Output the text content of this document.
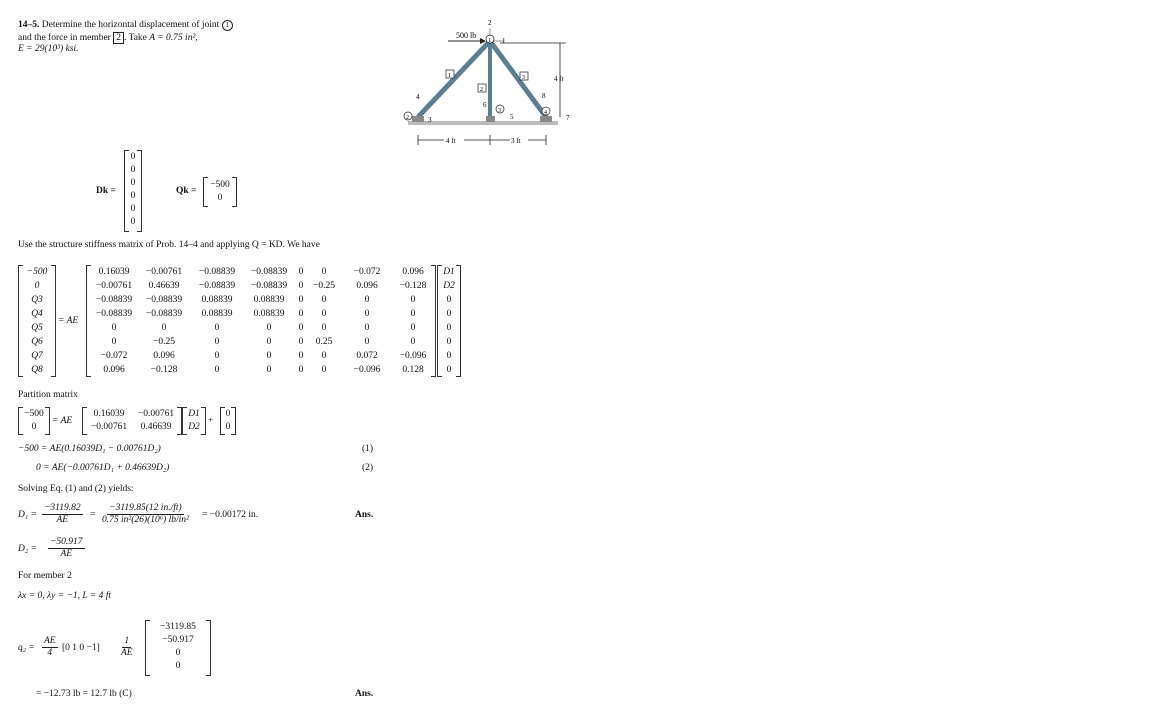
14–5. Determine the horizontal displacement of joint 1
and the force in member 2 . Take A = 0.75 in²,
E = 29(10³) ksi.
500 lb
4 ft
4 ft	3 ft
1
2
3
4
5
6
7
8
1
2
3	4
1
2
3
Dk =
0
0
0
0
0
0
Qk =
−500
0
Use the structure stiffness matrix of Prob. 14–4 and applying Q = KD. We have
−500
0
Q3
Q4
Q5
Q6
Q7
Q8
= AE
0.16039	−0.00761	−0.08839	−0.08839	0	0	−0.072	0.096
−0.00761	0.46639	−0.08839	−0.08839	0	−0.25	0.096	−0.128
−0.08839	−0.08839	0.08839	0.08839	0	0	0	0
−0.08839	−0.08839	0.08839	0.08839	0	0	0	0
0	0	0	0	0	0	0	0
0	−0.25	0	0	0	0.25	0	0
−0.072	0.096	0	0	0	0	0.072	−0.096
0.096	−0.128	0	0	0	0	−0.096	0.128
D1
D2
0
0
0
0
0
0
Partition matrix
−500
0
= AE
0.16039	−0.00761
−0.00761	0.46639
D1
D2
+
0
0
−500 = AE(0.16039D₁ − 0.00761D₂)	(1)
0 = AE(−0.00761D₁ + 0.46639D₂)	(2)
Solving Eq. (1) and (2) yields:
$D_1 = \frac{-3119.82}{AE} = \frac{-3119.85(12 in./ft)}{\text{0.75 in²(26)(10⁶) lb/in²}} = -0.00172$ in.	Ans.
$D_2 = \frac{-50.917}{AE}$
For member 2
λx = 0, λy = −1, L = 4 ft
$q_2 = \frac{AE}{4} [0$ 1 $0 -1] \frac{1}{AE}$
−3119.85
−50.917
0
0
= −12.73 lb = 12.7 lb (C)	Ans.
